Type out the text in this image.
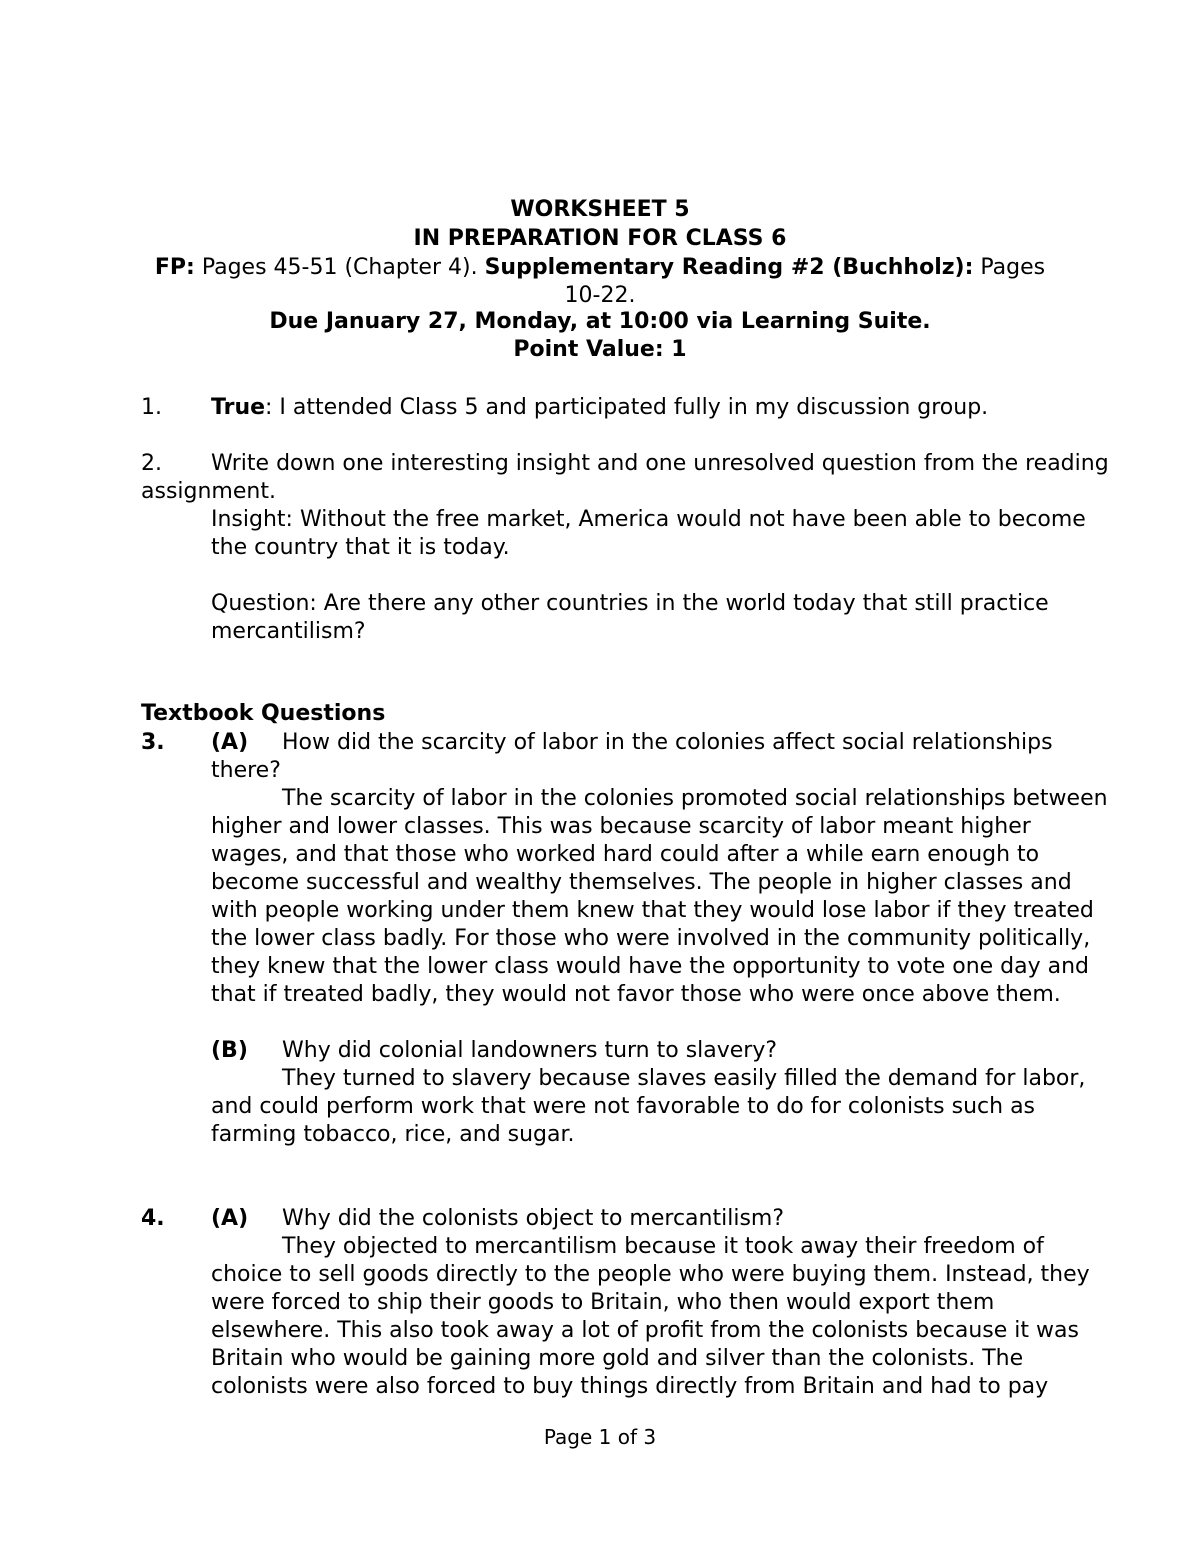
WORKSHEET 5
IN PREPARATION FOR CLASS 6
FP: Pages 45-51 (Chapter 4). Supplementary Reading #2 (Buchholz): Pages
10-22.
Due January 27, Monday, at 10:00 via Learning Suite.
Point Value: 1
1. True: I attended Class 5 and participated fully in my discussion group.
2. Write down one interesting insight and one unresolved question from the reading
assignment.
Insight: Without the free market, America would not have been able to become
the country that it is today.
Question: Are there any other countries in the world today that still practice
mercantilism?
Textbook Questions
3. (A) How did the scarcity of labor in the colonies affect social relationships
there?
The scarcity of labor in the colonies promoted social relationships between
higher and lower classes. This was because scarcity of labor meant higher
wages, and that those who worked hard could after a while earn enough to
become successful and wealthy themselves. The people in higher classes and
with people working under them knew that they would lose labor if they treated
the lower class badly. For those who were involved in the community politically,
they knew that the lower class would have the opportunity to vote one day and
that if treated badly, they would not favor those who were once above them.
(B) Why did colonial landowners turn to slavery?
They turned to slavery because slaves easily filled the demand for labor,
and could perform work that were not favorable to do for colonists such as
farming tobacco, rice, and sugar.
4. (A) Why did the colonists object to mercantilism?
They objected to mercantilism because it took away their freedom of
choice to sell goods directly to the people who were buying them. Instead, they
were forced to ship their goods to Britain, who then would export them
elsewhere. This also took away a lot of profit from the colonists because it was
Britain who would be gaining more gold and silver than the colonists. The
colonists were also forced to buy things directly from Britain and had to pay
Page 1 of 3
